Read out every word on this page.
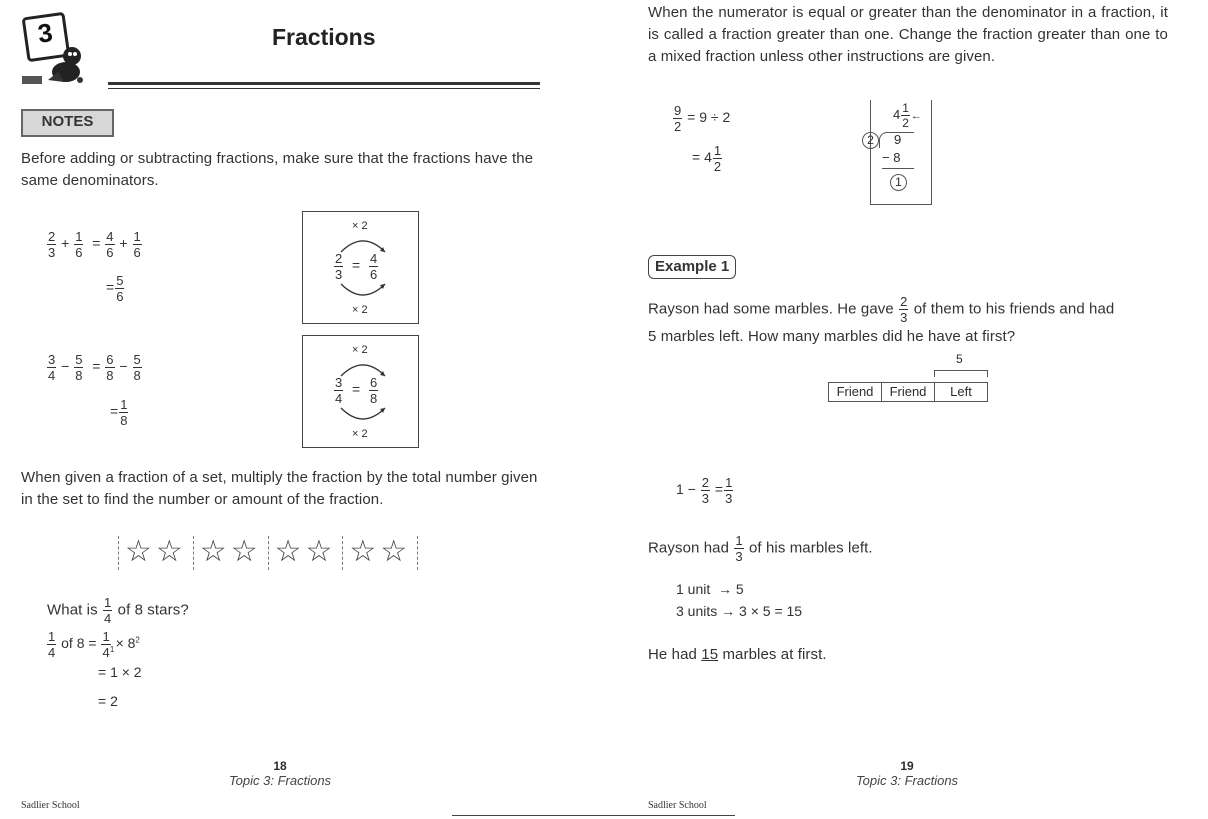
3	Fractions
NOTES
Before adding or subtracting fractions, make sure that the fractions have the same denominators.
$\frac{2}{3} + \frac{1}{6} = \frac{4}{6} + \frac{1}{6}$
= $\frac{5}{6}$
× 2
$\frac{2}{3} = \frac{4}{6}$
× 2
$\frac{3}{4} - \frac{5}{8} = \frac{6}{8} - \frac{5}{8}$
= $\frac{1}{8}$
× 2
$\frac{3}{4} = \frac{6}{8}$
× 2
When given a fraction of a set, multiply the fraction by the total number given in the set to find the number or amount of the fraction.
☆☆ ☆☆ ☆☆ ☆☆
What is $\frac{1}{4}$ of 8 stars?
$\frac{1}{4}$ of $8 = \frac{1}{4} \times 8^2_1$
= 1 × 2
= 2
18
Topic 3: Fractions
Sadlier School
When the numerator is equal or greater than the denominator in a fraction, it is called a fraction greater than one. Change the fraction greater than one to a mixed fraction unless other instructions are given.
$\frac{9}{2} = 9 \div 2$
= $4 \frac{1}{2}$
$4 \frac{1}{2}$ ←
2	9
− 8
1
Example 1
Rayson had some marbles. He gave $\frac{2}{3}$ of them to his friends and had
5 marbles left. How many marbles did he have at first?
5
Friend Friend Left
$1 - \frac{2}{3} = \frac{1}{3}$
Rayson had $\frac{1}{3}$ of his marbles left.
1 unit  → 5
3 units → 3 × 5 = 15
He had 15 marbles at first.
19
Topic 3: Fractions
Sadlier School
